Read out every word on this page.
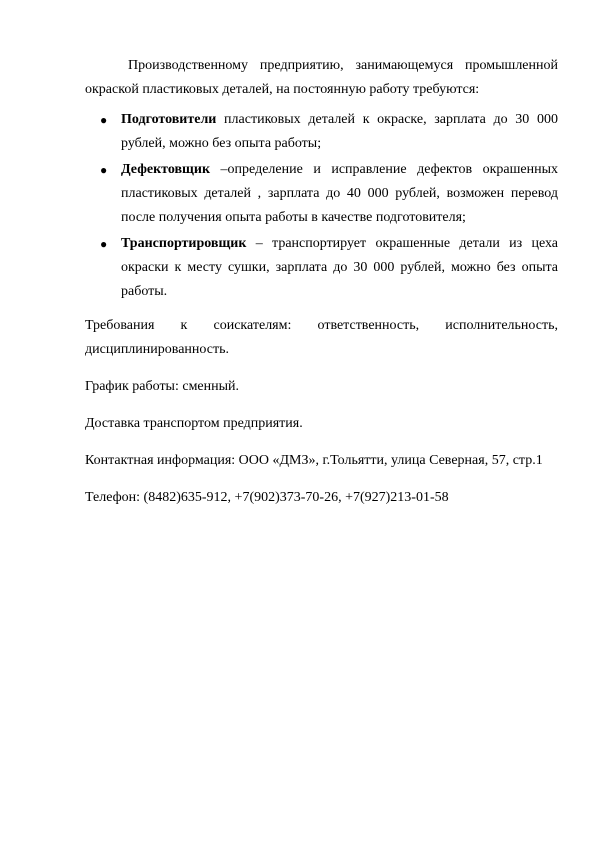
Производственному предприятию, занимающемуся промышленной окраской пластиковых деталей, на постоянную работу требуются:

● Подготовители пластиковых деталей к окраске, зарплата до 30 000 рублей, можно без опыта работы;
● Дефектовщик –определение и исправление дефектов окрашенных пластиковых деталей , зарплата до 40 000 рублей, возможен перевод после получения опыта работы в качестве подготовителя;
● Транспортировщик – транспортирует окрашенные детали из цеха окраски к месту сушки, зарплата до 30 000 рублей, можно без опыта работы.

Требования к соискателям: ответственность, исполнительность,

дисциплинированность.

График работы: сменный.

Доставка транспортом предприятия.

Контактная информация: ООО «ДМЗ», г.Тольятти, улица Северная, 57, стр.1

Телефон: (8482)635-912, +7(902)373-70-26, +7(927)213-01-58
